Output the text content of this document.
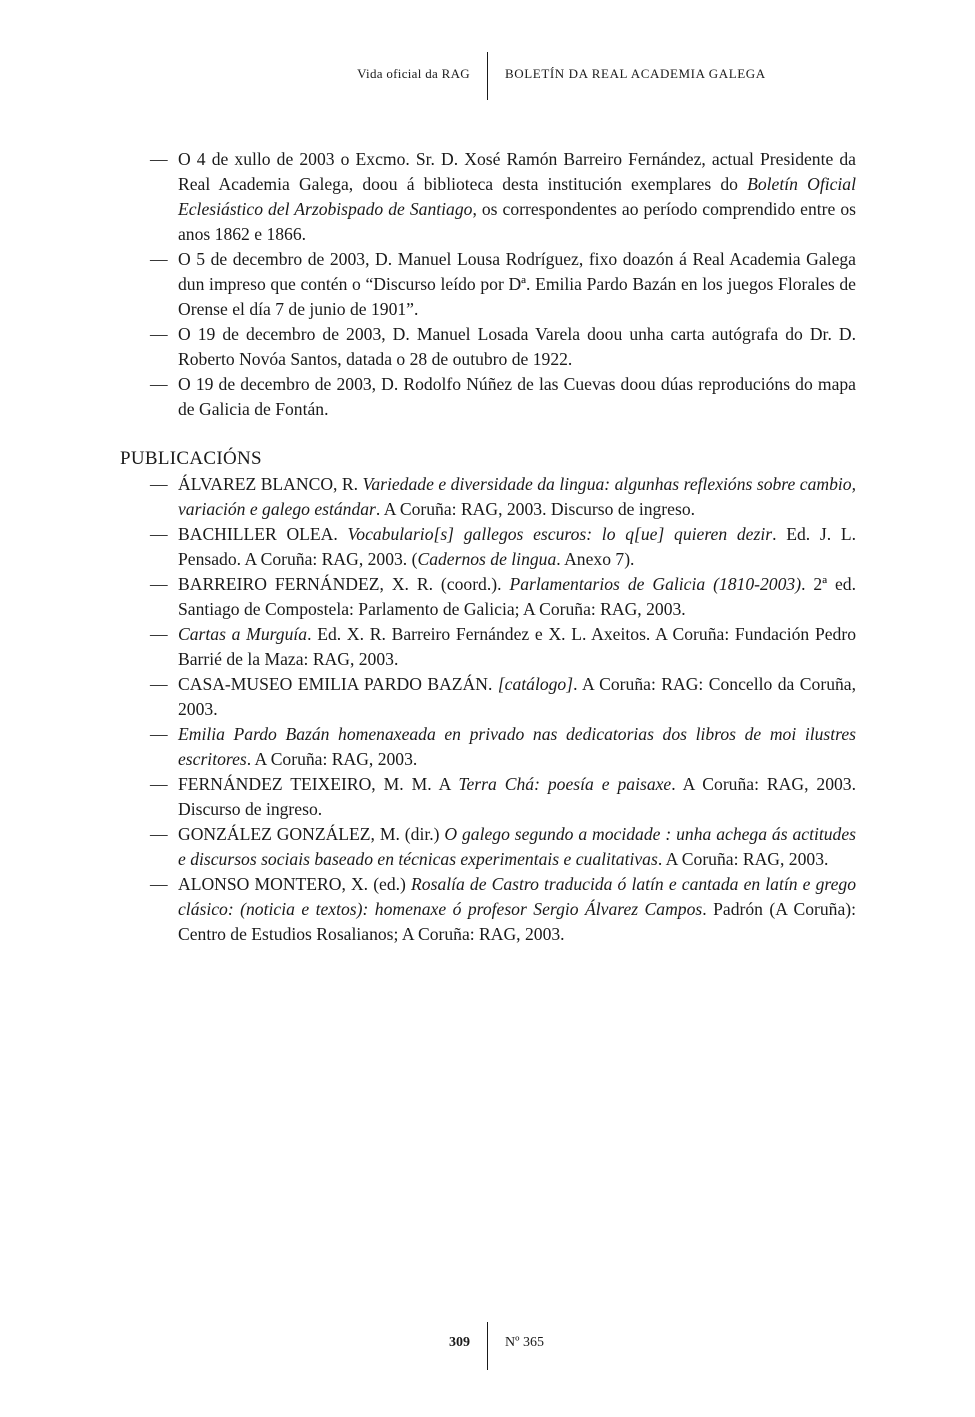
Vida oficial da RAG	BOLETÍN DA REAL ACADEMIA GALEGA
— O 4 de xullo de 2003 o Excmo. Sr. D. Xosé Ramón Barreiro Fernández, actual Presidente da Real Academia Galega, doou á biblioteca desta institución exemplares do Boletín Oficial Eclesiástico del Arzobispado de Santiago, os correspondentes ao período comprendido entre os anos 1862 e 1866.
— O 5 de decembro de 2003, D. Manuel Lousa Rodríguez, fixo doazón á Real Academia Galega dun impreso que contén o “Discurso leído por Dª. Emilia Pardo Bazán en los juegos Florales de Orense el día 7 de junio de 1901”.
— O 19 de decembro de 2003, D. Manuel Losada Varela doou unha carta autógrafa do Dr. D. Roberto Novóa Santos, datada o 28 de outubro de 1922.
— O 19 de decembro de 2003, D. Rodolfo Núñez de las Cuevas doou dúas reproducións do mapa de Galicia de Fontán.
PUBLICACIÓNS
— ÁLVAREZ BLANCO, R. Variedade e diversidade da lingua: algunhas reflexións sobre cambio, variación e galego estándar. A Coruña: RAG, 2003. Discurso de ingreso.
— BACHILLER OLEA. Vocabulario[s] gallegos escuros: lo q[ue] quieren dezir. Ed. J. L. Pensado. A Coruña: RAG, 2003. (Cadernos de lingua. Anexo 7).
— BARREIRO FERNÁNDEZ, X. R. (coord.). Parlamentarios de Galicia (1810-2003). 2ª ed. Santiago de Compostela: Parlamento de Galicia; A Coruña: RAG, 2003.
— Cartas a Murguía. Ed. X. R. Barreiro Fernández e X. L. Axeitos. A Coruña: Fundación Pedro Barrié de la Maza: RAG, 2003.
— CASA-MUSEO EMILIA PARDO BAZÁN. [catálogo]. A Coruña: RAG: Concello da Coruña, 2003.
— Emilia Pardo Bazán homenaxeada en privado nas dedicatorias dos libros de moi ilustres escritores. A Coruña: RAG, 2003.
— FERNÁNDEZ TEIXEIRO, M. M. A Terra Chá: poesía e paisaxe. A Coruña: RAG, 2003. Discurso de ingreso.
— GONZÁLEZ GONZÁLEZ, M. (dir.) O galego segundo a mocidade : unha achega ás actitudes e discursos sociais baseado en técnicas experimentais e cualitativas. A Coruña: RAG, 2003.
— ALONSO MONTERO, X. (ed.) Rosalía de Castro traducida ó latín e cantada en latín e grego clásico: (noticia e textos): homenaxe ó profesor Sergio Álvarez Campos. Padrón (A Coruña): Centro de Estudios Rosalianos; A Coruña: RAG, 2003.
309	Nº 365
